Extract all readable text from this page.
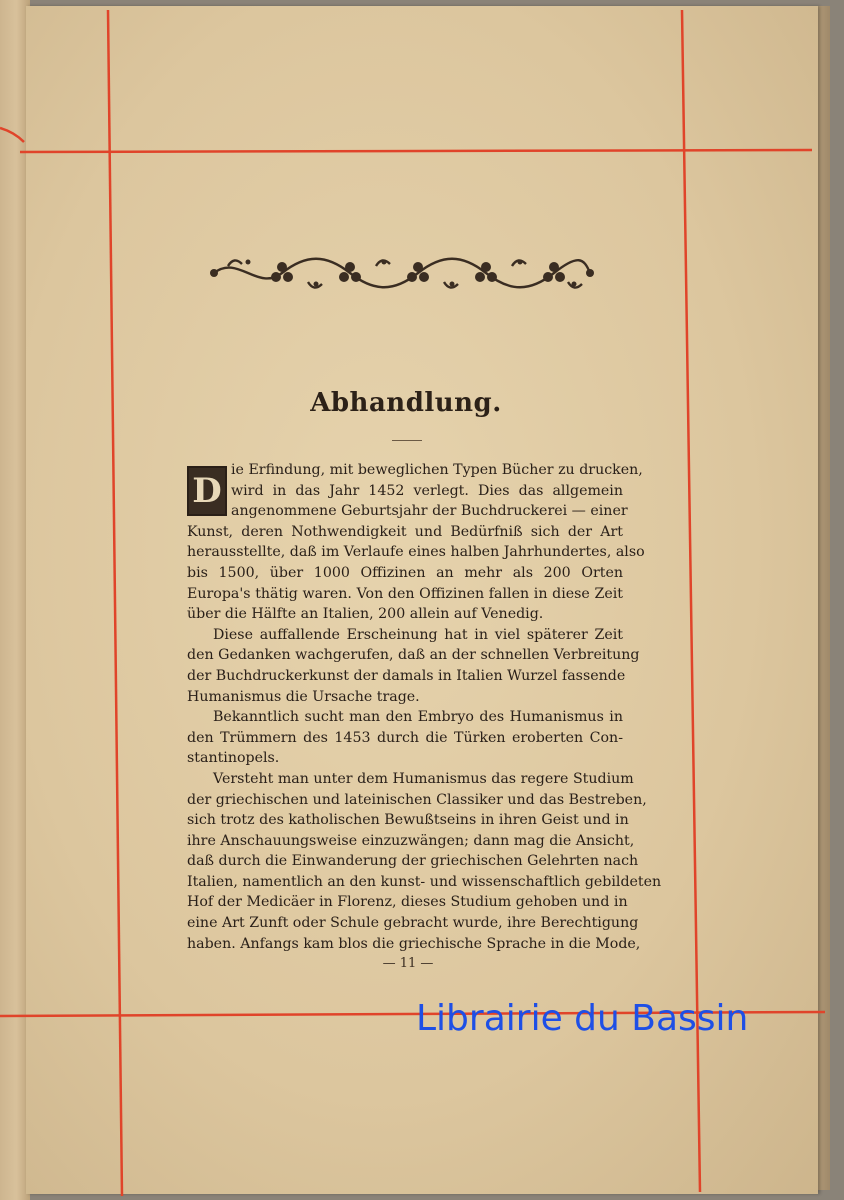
Abhandlung.
D
ie Erfindung, mit beweglichen Typen Bücher zu drucken,
wird in das Jahr 1452 verlegt. Dies das allgemein
angenommene Geburtsjahr der Buchdruckerei — einer
Kunst, deren Nothwendigkeit und Bedürfniß sich der Art
herausstellte, daß im Verlaufe eines halben Jahrhundertes, also
bis 1500, über 1000 Offizinen an mehr als 200 Orten
Europa's thätig waren. Von den Offizinen fallen in diese Zeit
über die Hälfte an Italien, 200 allein auf Venedig.
Diese auffallende Erscheinung hat in viel späterer Zeit
den Gedanken wachgerufen, daß an der schnellen Verbreitung
der Buchdruckerkunst der damals in Italien Wurzel fassende
Humanismus die Ursache trage.
Bekanntlich sucht man den Embryo des Humanismus in
den Trümmern des 1453 durch die Türken eroberten Con-
stantinopels.
Versteht man unter dem Humanismus das regere Studium
der griechischen und lateinischen Classiker und das Bestreben,
sich trotz des katholischen Bewußtseins in ihren Geist und in
ihre Anschauungsweise einzuzwängen; dann mag die Ansicht,
daß durch die Einwanderung der griechischen Gelehrten nach
Italien, namentlich an den kunst- und wissenschaftlich gebildeten
Hof der Medicäer in Florenz, dieses Studium gehoben und in
eine Art Zunft oder Schule gebracht wurde, ihre Berechtigung
haben. Anfangs kam blos die griechische Sprache in die Mode,
— 11 —
Librairie du Bassin
